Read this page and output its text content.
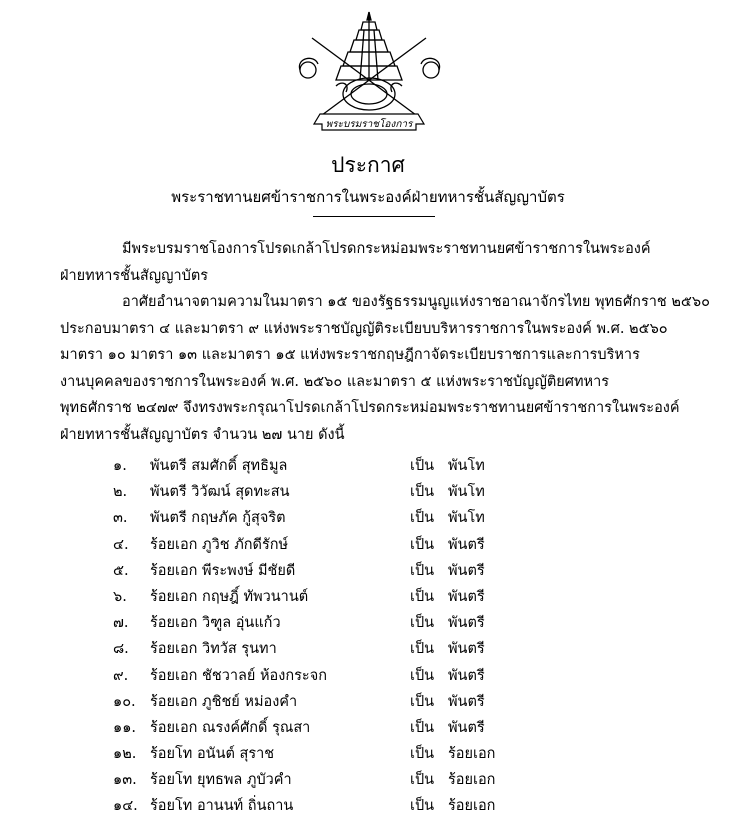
พระบรมราชโองการ
ประกาศ
พระราชทานยศข้าราชการในพระองค์ฝ่ายทหารชั้นสัญญาบัตร
มีพระบรมราชโองการโปรดเกล้าโปรดกระหม่อมพระราชทานยศข้าราชการในพระองค์
ฝ่ายทหารชั้นสัญญาบัตร
อาศัยอำนาจตามความในมาตรา ๑๕ ของรัฐธรรมนูญแห่งราชอาณาจักรไทย พุทธศักราช ๒๕๖๐
ประกอบมาตรา ๔ และมาตรา ๙ แห่งพระราชบัญญัติระเบียบบริหารราชการในพระองค์ พ.ศ. ๒๕๖๐
มาตรา ๑๐ มาตรา ๑๓ และมาตรา ๑๕ แห่งพระราชกฤษฎีกาจัดระเบียบราชการและการบริหาร
งานบุคคลของราชการในพระองค์ พ.ศ. ๒๕๖๐ และมาตรา ๕ แห่งพระราชบัญญัติยศทหาร
พุทธศักราช ๒๔๗๙ จึงทรงพระกรุณาโปรดเกล้าโปรดกระหม่อมพระราชทานยศข้าราชการในพระองค์
ฝ่ายทหารชั้นสัญญาบัตร จำนวน ๒๗ นาย ดังนี้
๑.	พันตรี สมศักดิ์ สุทธิมูล	เป็น พันโท
๒.	พันตรี วิวัฒน์ สุดทะสน	เป็น พันโท
๓.	พันตรี กฤษภัค กู้สุจริต	เป็น พันโท
๔.	ร้อยเอก ภูวิช ภักดีรักษ์	เป็น พันตรี
๕.	ร้อยเอก พีระพงษ์ มีชัยดี	เป็น พันตรี
๖.	ร้อยเอก กฤษฎิ์ ทัพวนานต์	เป็น พันตรี
๗.	ร้อยเอก วิฑูล อุ่นแก้ว	เป็น พันตรี
๘.	ร้อยเอก วิทวัส รุนทา	เป็น พันตรี
๙.	ร้อยเอก ชัชวาลย์ ห้องกระจก	เป็น พันตรี
๑๐. ร้อยเอก ภูชิชย์ หม่องคำ	เป็น พันตรี
๑๑. ร้อยเอก ณรงค์ศักดิ์ รุณสา	เป็น พันตรี
๑๒. ร้อยโท อนันต์ สุราช	เป็น ร้อยเอก
๑๓. ร้อยโท ยุทธพล ภูบัวคำ	เป็น ร้อยเอก
๑๔. ร้อยโท อานนท์ ถิ่นถาน	เป็น ร้อยเอก
